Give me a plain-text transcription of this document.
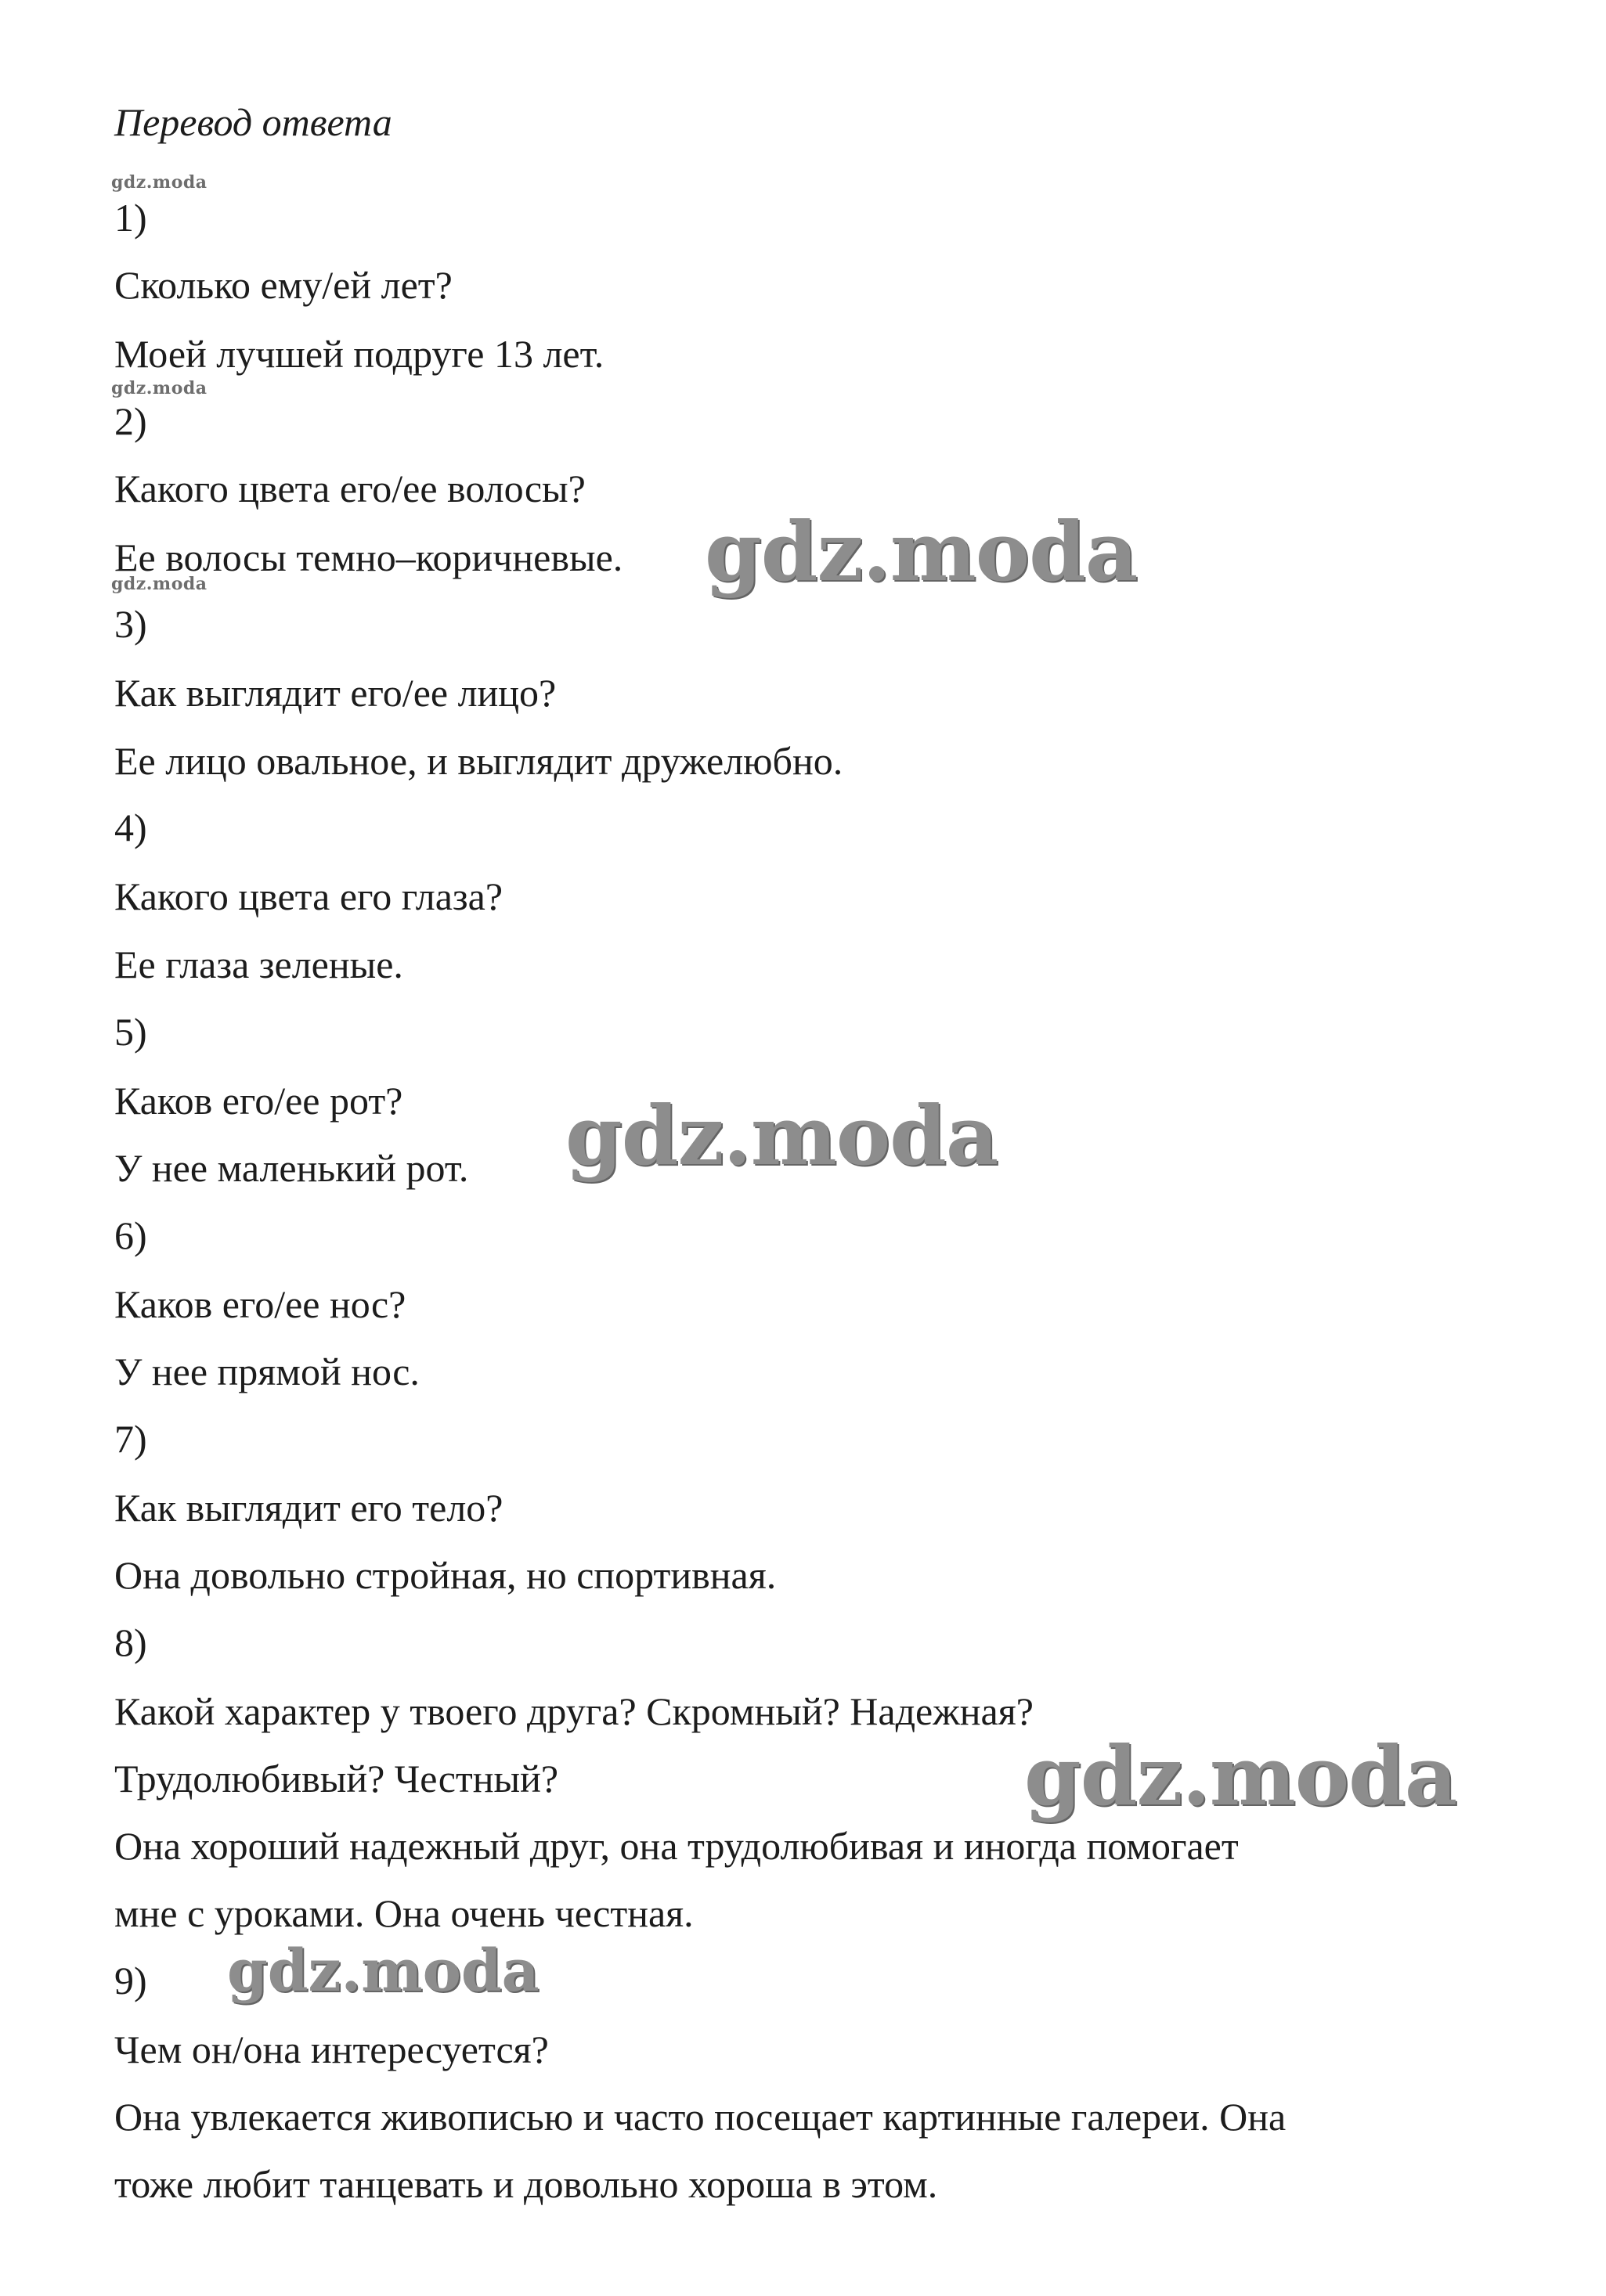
Перевод ответа
gdz.moda
1)
Сколько ему/ей лет?
Моей лучшей подруге 13 лет.
gdz.moda
2)
Какого цвета его/ее волосы?
Ее волосы темно–коричневые. gdz.moda
gdz.moda
3)
Как выглядит его/ее лицо?
Ее лицо овальное, и выглядит дружелюбно.
4)
Какого цвета его глаза?
Ее глаза зеленые.
5)
Каков его/ее рот?
У нее маленький рот. gdz.moda
6)
Каков его/ее нос?
У нее прямой нос.
7)
Как выглядит его тело?
Она довольно стройная, но спортивная.
8)
Какой характер у твоего друга? Скромный? Надежная?
Трудолюбивый? Честный?	gdz.moda
Она хороший надежный друг, она трудолюбивая и иногда помогает
мне с уроками. Она очень честная.
9) gdz.moda
Чем он/она интересуется?
Она увлекается живописью и часто посещает картинные галереи. Она
тоже любит танцевать и довольно хороша в этом.
